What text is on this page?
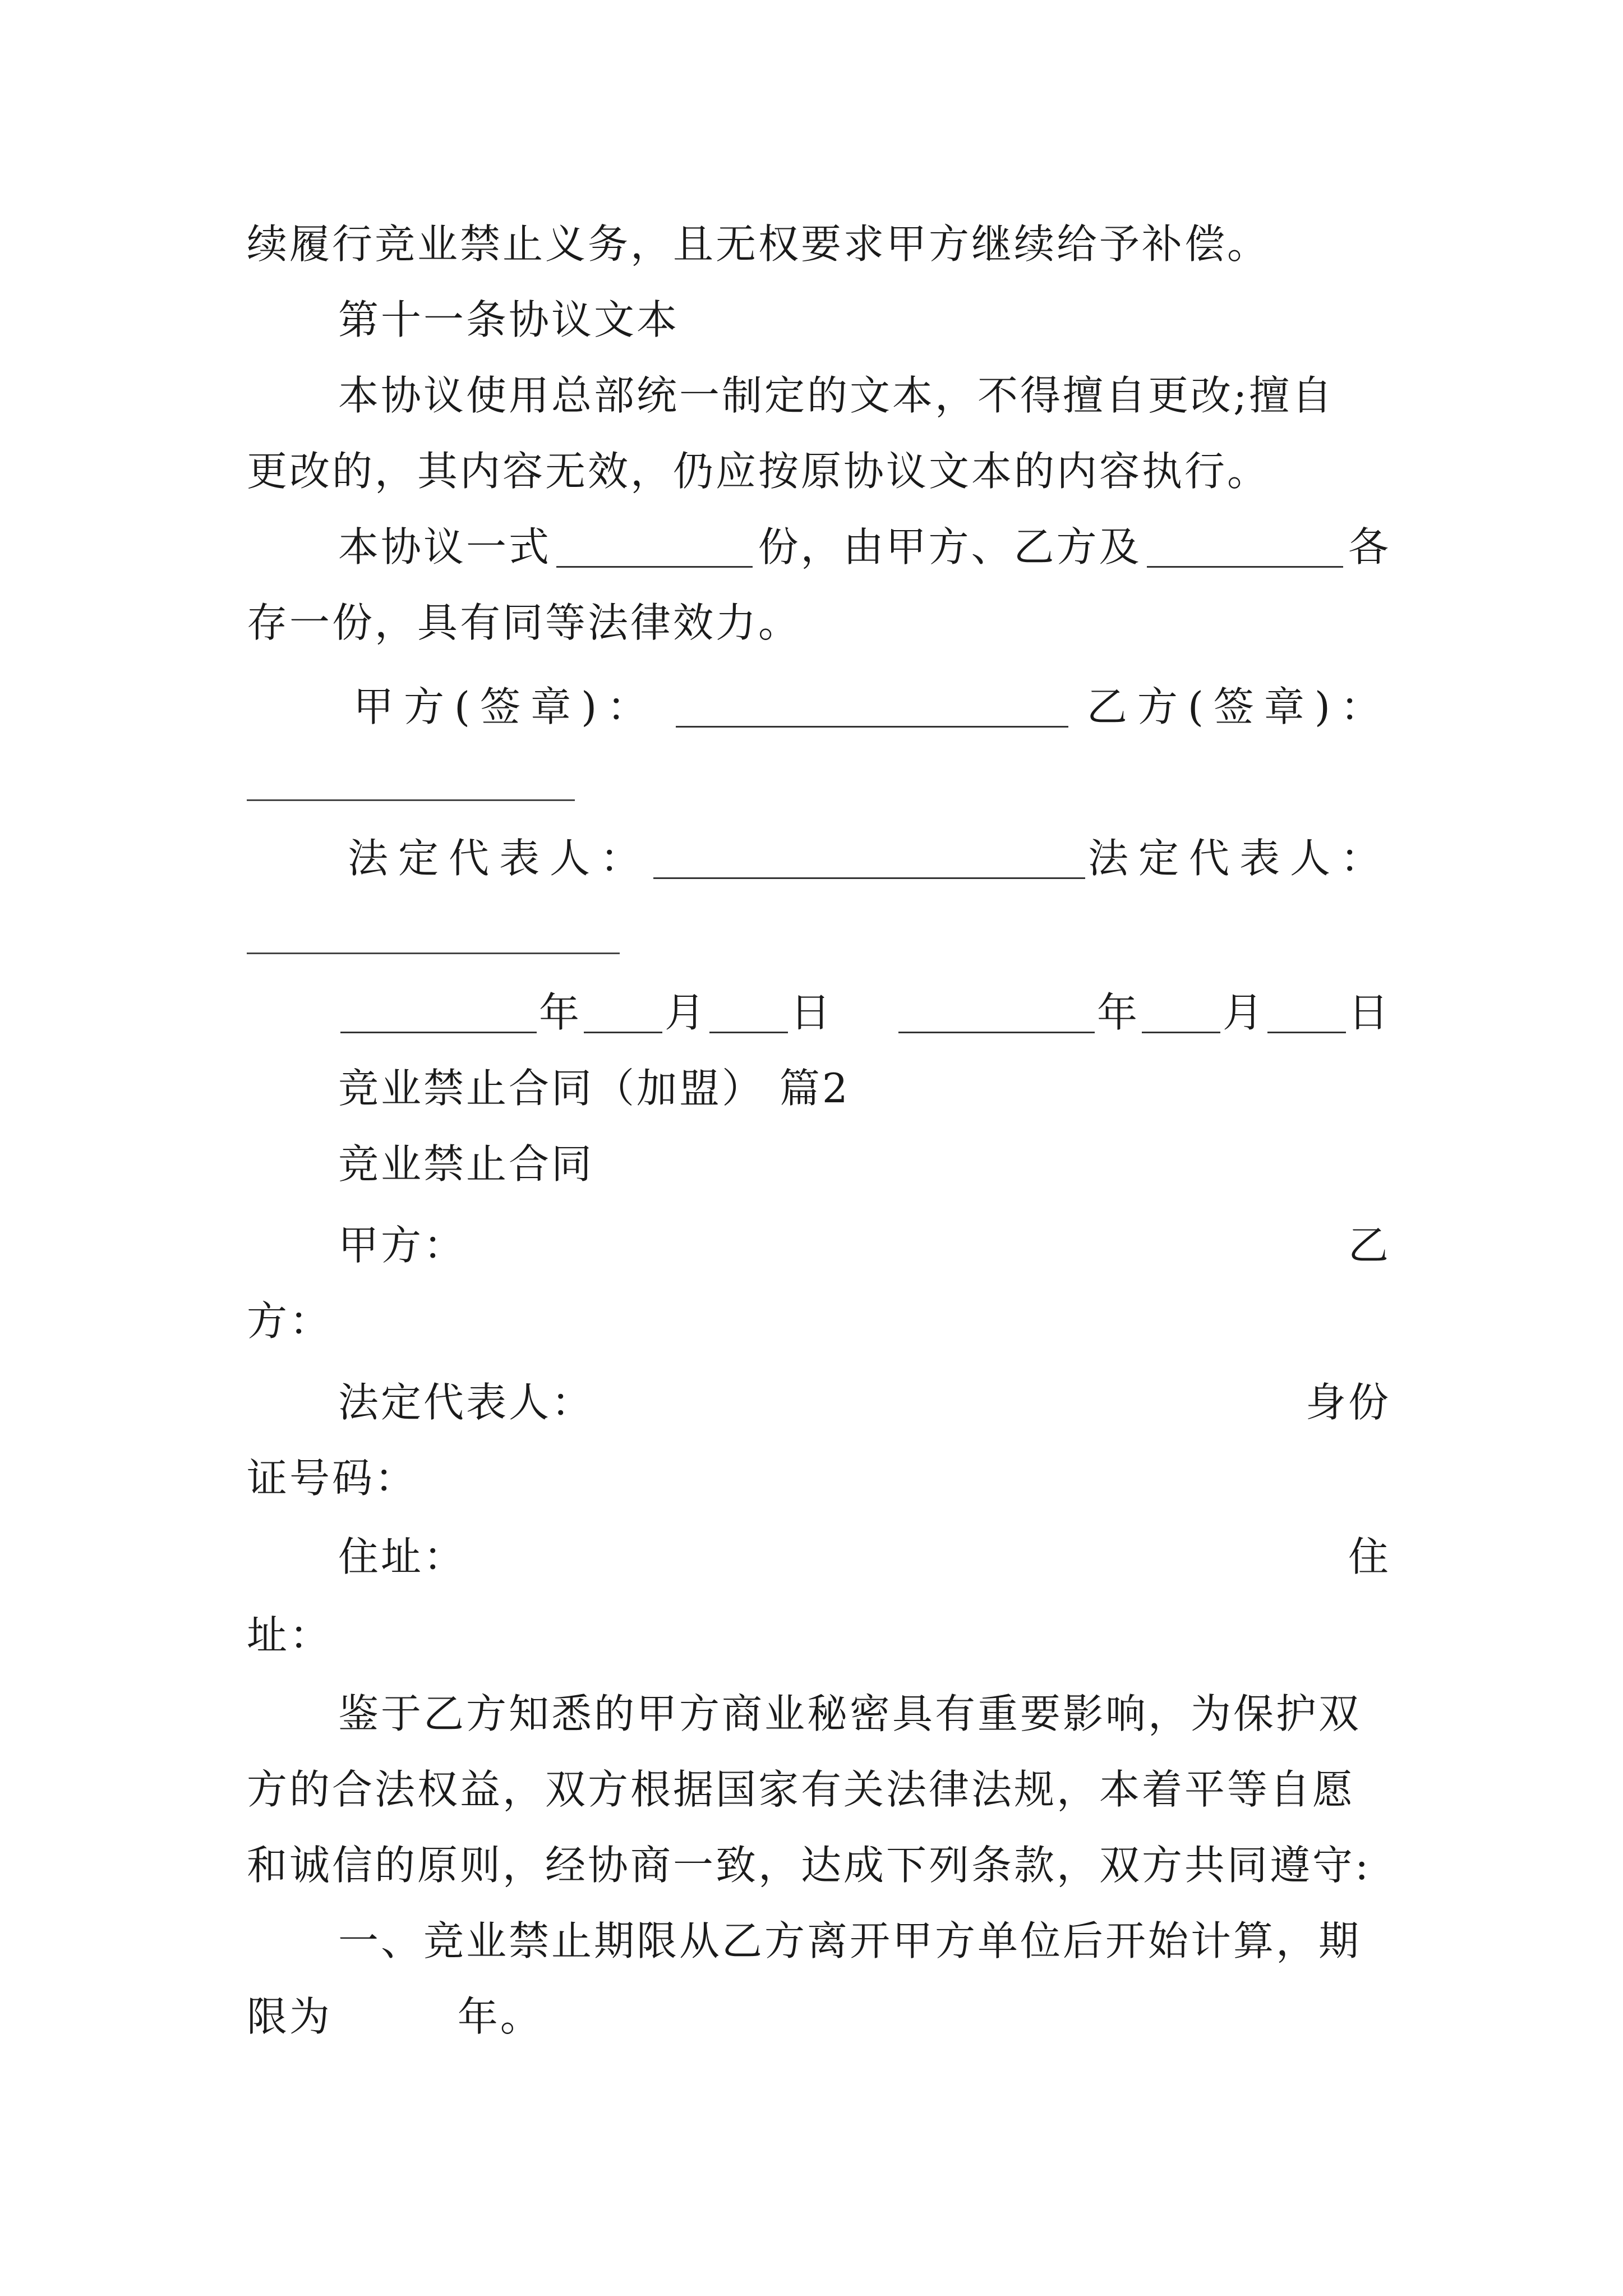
续履行竞业禁止义务，且无权要求甲方继续给予补偿。
第十一条协议文本
本协议使用总部统一制定的文本，不得擅自更改;擅自
更改的，其内容无效，仍应按原协议文本的内容执行。
本协议一式	份，由甲方、乙方及	各
存一份，具有同等法律效力。
甲方(签章)：	乙方(签章)：
法定代表人：	法定代表人：
年 月 日	年 月 日
竞业禁止合同（加盟） 篇2
竞业禁止合同
甲方：	乙
方：
法定代表人：	身份
证号码：
住址：	住
址：
鉴于乙方知悉的甲方商业秘密具有重要影响，为保护双
方的合法权益，双方根据国家有关法律法规，本着平等自愿
和诚信的原则，经协商一致，达成下列条款，双方共同遵守:
一、竞业禁止期限从乙方离开甲方单位后开始计算，期
限为	年。
